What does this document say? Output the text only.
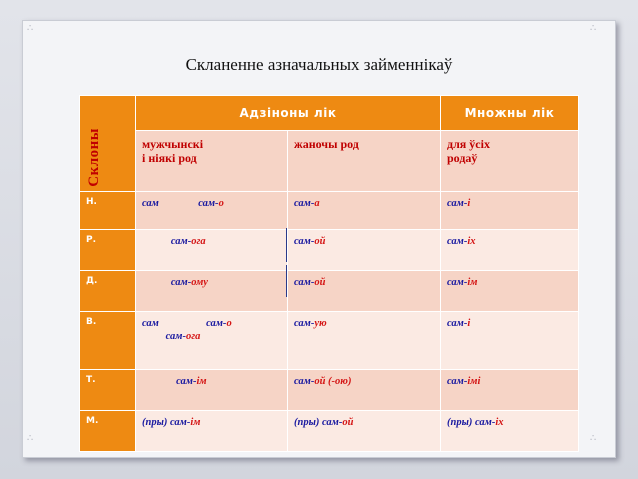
∴	∴
∴	∴
Скланенне азначальных займеннікаў
Склоны	Адзіноны лік		Множны лік

	мужчынскі
і ніякі род	жаночы род	для ўсіх
родаў

Н.	сам сам-о	сам-а	сам-і

Р.	сам-ога	сам-ой	сам-іх

Д.	сам-ому	сам-ой	сам-ім

В.	сам сам-о
сам-ога	сам-ую	сам-і

Т.	сам-ім	сам-ой (-ою)	сам-імі

М.	(пры) сам-ім	(пры) сам-ой	(пры) сам-іх
